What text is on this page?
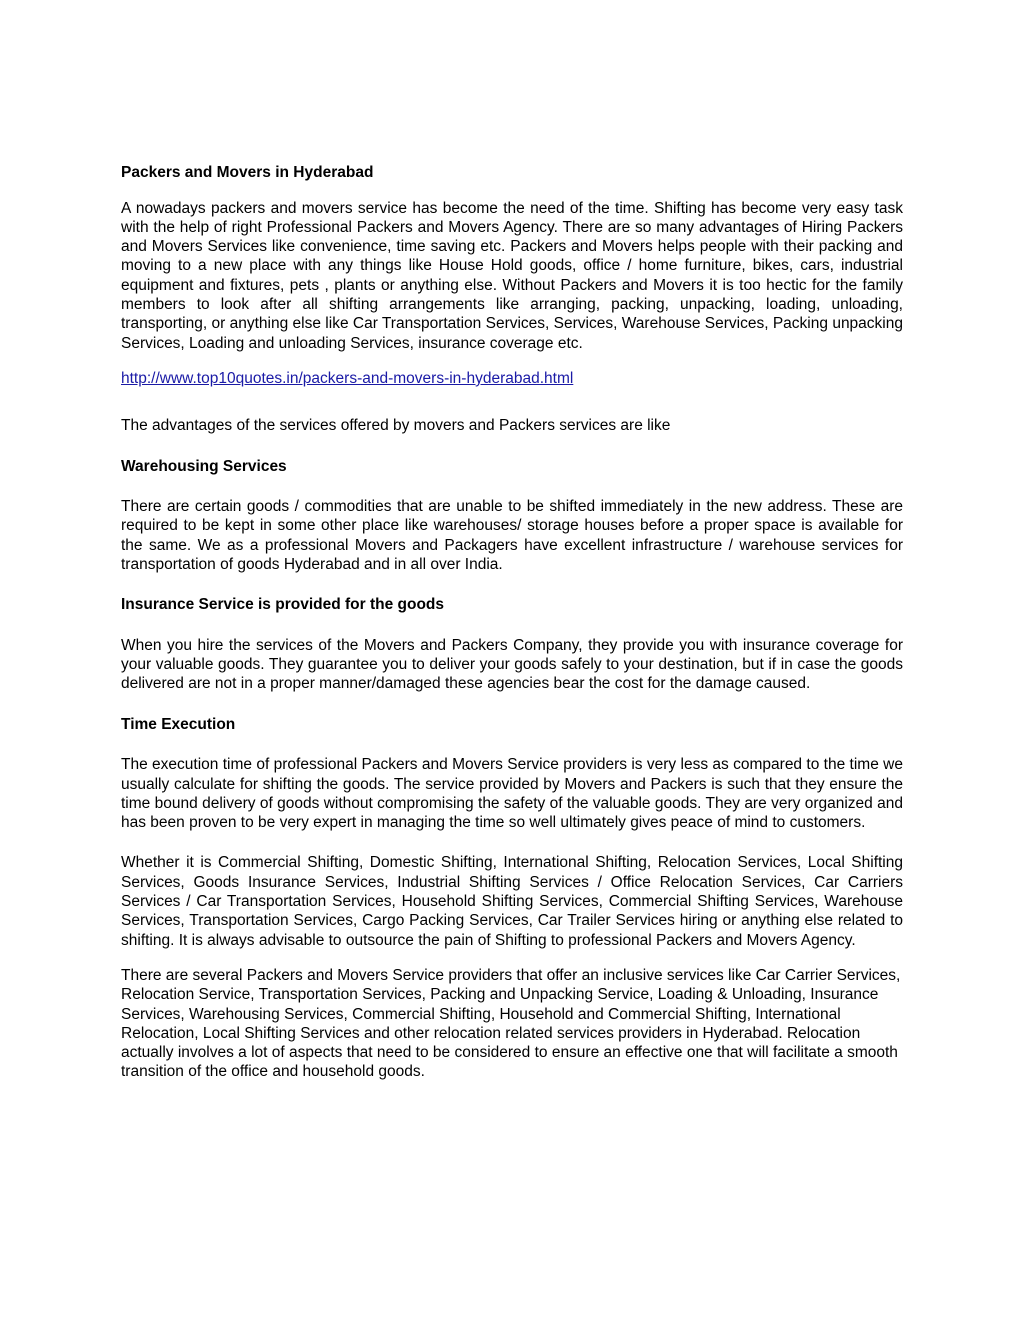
Packers and Movers in Hyderabad

A nowadays packers and movers service has become the need of the time. Shifting has become very easy task with the help of right Professional Packers and Movers Agency. There are so many advantages of Hiring Packers and Movers Services like convenience, time saving etc. Packers and Movers helps people with their packing and moving to a new place with any things like House Hold goods, office / home furniture, bikes, cars, industrial equipment and fixtures, pets , plants or anything else. Without Packers and Movers it is too hectic for the family members to look after all shifting arrangements like arranging, packing, unpacking, loading, unloading, transporting, or anything else like Car Transportation Services, Services, Warehouse Services, Packing unpacking Services, Loading and unloading Services, insurance coverage etc.

http://www.top10quotes.in/packers-and-movers-in-hyderabad.html

The advantages of the services offered by movers and Packers services are like

Warehousing Services

There are certain goods / commodities that are unable to be shifted immediately in the new address. These are required to be kept in some other place like warehouses/ storage houses before a proper space is available for the same. We as a professional Movers and Packagers have excellent infrastructure / warehouse services for transportation of goods Hyderabad and in all over India.

Insurance Service is provided for the goods

When you hire the services of the Movers and Packers Company, they provide you with insurance coverage for your valuable goods. They guarantee you to deliver your goods safely to your destination, but if in case the goods delivered are not in a proper manner/damaged these agencies bear the cost for the damage caused.

Time Execution

The execution time of professional Packers and Movers Service providers is very less as compared to the time we usually calculate for shifting the goods. The service provided by Movers and Packers is such that they ensure the time bound delivery of goods without compromising the safety of the valuable goods. They are very organized and has been proven to be very expert in managing the time so well ultimately gives peace of mind to customers.

Whether it is Commercial Shifting, Domestic Shifting, International Shifting, Relocation Services, Local Shifting Services, Goods Insurance Services, Industrial Shifting Services / Office Relocation Services, Car Carriers Services / Car Transportation Services, Household Shifting Services, Commercial Shifting Services, Warehouse Services, Transportation Services, Cargo Packing Services, Car Trailer Services hiring or anything else related to shifting. It is always advisable to outsource the pain of Shifting to professional Packers and Movers Agency.

There are several Packers and Movers Service providers that offer an inclusive services like Car Carrier Services, Relocation Service, Transportation Services, Packing and Unpacking Service, Loading & Unloading, Insurance Services, Warehousing Services, Commercial Shifting, Household and Commercial Shifting, International Relocation, Local Shifting Services and other relocation related services providers in Hyderabad. Relocation actually involves a lot of aspects that need to be considered to ensure an effective one that will facilitate a smooth transition of the office and household goods.
